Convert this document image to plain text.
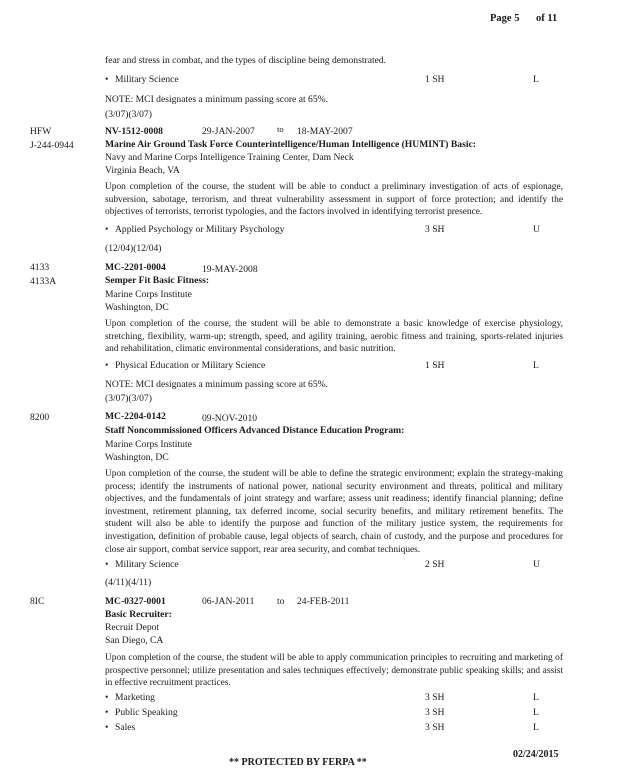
Page 5 of 11
fear and stress in combat, and the types of discipline being demonstrated.
• Military Science	1 SH	L
NOTE: MCI designates a minimum passing score at 65%.
(3/07)(3/07)
HFW
J-244-0944
NV-1512-0008	29-JAN-2007	to 18-MAY-2007
Marine Air Ground Task Force Counterintelligence/Human Intelligence (HUMINT) Basic:
Navy and Marine Corps Intelligence Training Center, Dam Neck
Virginia Beach, VA
Upon completion of the course, the student will be able to conduct a preliminary investigation of acts of espionage, subversion, sabotage, terrorism, and threat vulnerability assessment in support of force protection; and identify the objectives of terrorists, terrorist typologies, and the factors involved in identifying terrorist presence.
• Applied Psychology or Military Psychology	3 SH	U
(12/04)(12/04)
4133
4133A
MC-2201-0004	19-MAY-2008
Semper Fit Basic Fitness:
Marine Corps Institute
Washington, DC
Upon completion of the course, the student will be able to demonstrate a basic knowledge of exercise physiology, stretching, flexibility, warm-up; strength, speed, and agility training, aerobic fitness and training, sports-related injuries and rehabilitation, climatic environmental considerations, and basic nutrition.
• Physical Education or Military Science	1 SH	L
NOTE: MCI designates a minimum passing score at 65%.
(3/07)(3/07)
8200	MC-2204-0142	09-NOV-2010
Staff Noncommissioned Officers Advanced Distance Education Program:
Marine Corps Institute
Washington, DC
Upon completion of the course, the student will be able to define the strategic environment; explain the strategy-making process; identify the instruments of national power, national security environment and threats, political and military objectives, and the fundamentals of joint strategy and warfare; assess unit readiness; identify financial planning; define investment, retirement planning, tax deferred income, social security benefits, and military retirement benefits. The student will also be able to identify the purpose and function of the military justice system, the requirements for investigation, definition of probable cause, legal objects of search, chain of custody, and the purpose and procedures for close air support, combat service support, rear area security, and combat techniques.
• Military Science	2 SH	U
(4/11)(4/11)
8IC	MC-0327-0001	06-JAN-2011 to 24-FEB-2011
Basic Recruiter:
Recruit Depot
San Diego, CA
Upon completion of the course, the student will be able to apply communication principles to recruiting and marketing of prospective personnel; utilize presentation and sales techniques effectively; demonstrate public speaking skills; and assist in effective recruitment practices.
• Marketing	3 SH	L
• Public Speaking	3 SH	L
• Sales	3 SH	L
** PROTECTED BY FERPA **
02/24/2015
